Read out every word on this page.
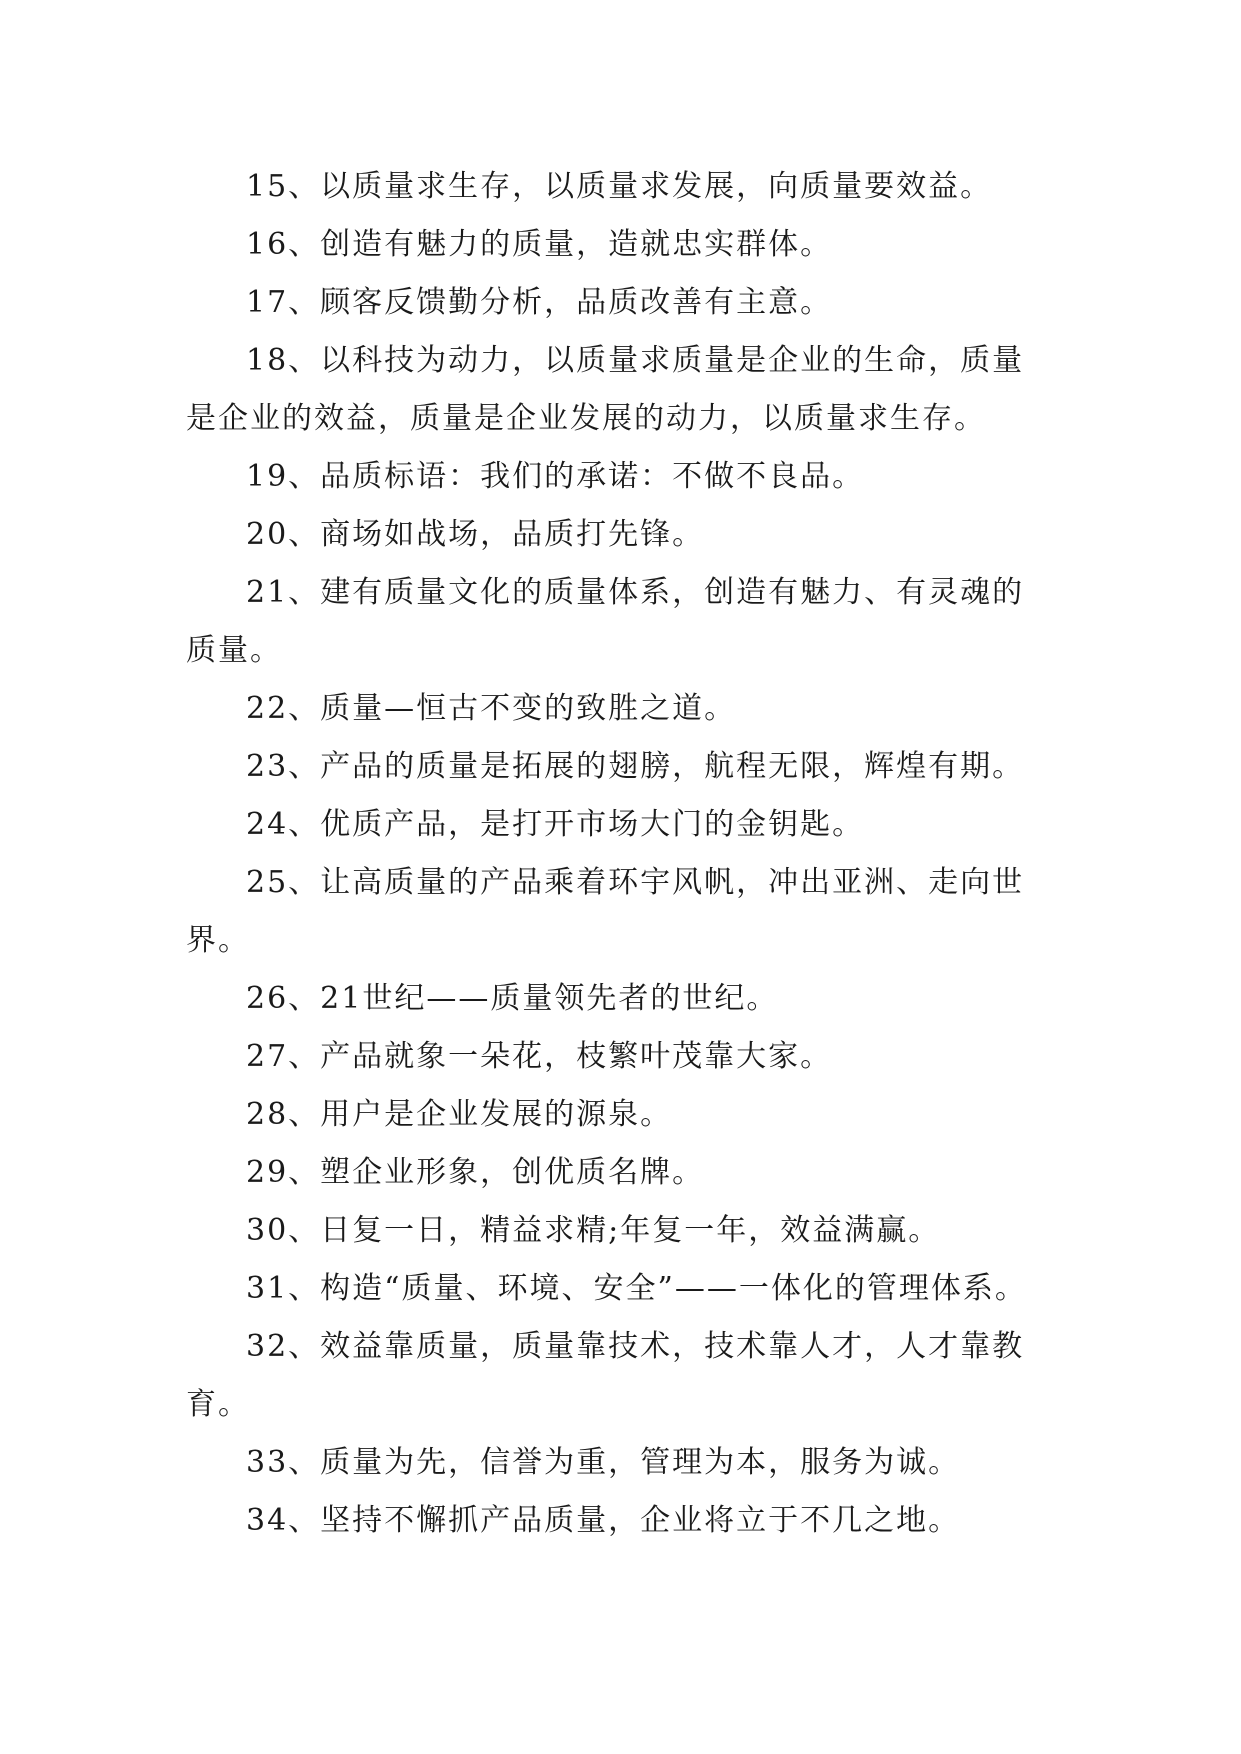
15、以质量求生存，以质量求发展，向质量要效益。

16、创造有魅力的质量，造就忠实群体。

17、顾客反馈勤分析，品质改善有主意。

18、以科技为动力，以质量求质量是企业的生命，质量是企业的效益，质量是企业发展的动力，以质量求生存。

19、品质标语：我们的承诺：不做不良品。

20、商场如战场，品质打先锋。

21、建有质量文化的质量体系，创造有魅力、有灵魂的质量。

22、质量—恒古不变的致胜之道。

23、产品的质量是拓展的翅膀，航程无限，辉煌有期。

24、优质产品，是打开市场大门的金钥匙。

25、让高质量的产品乘着环宇风帆，冲出亚洲、走向世界。

26、21世纪——质量领先者的世纪。

27、产品就象一朵花，枝繁叶茂靠大家。

28、用户是企业发展的源泉。

29、塑企业形象，创优质名牌。

30、日复一日，精益求精;年复一年，效益满赢。

31、构造“质量、环境、安全”——一体化的管理体系。

32、效益靠质量，质量靠技术，技术靠人才，人才靠教育。

33、质量为先，信誉为重，管理为本，服务为诚。

34、坚持不懈抓产品质量，企业将立于不几之地。
